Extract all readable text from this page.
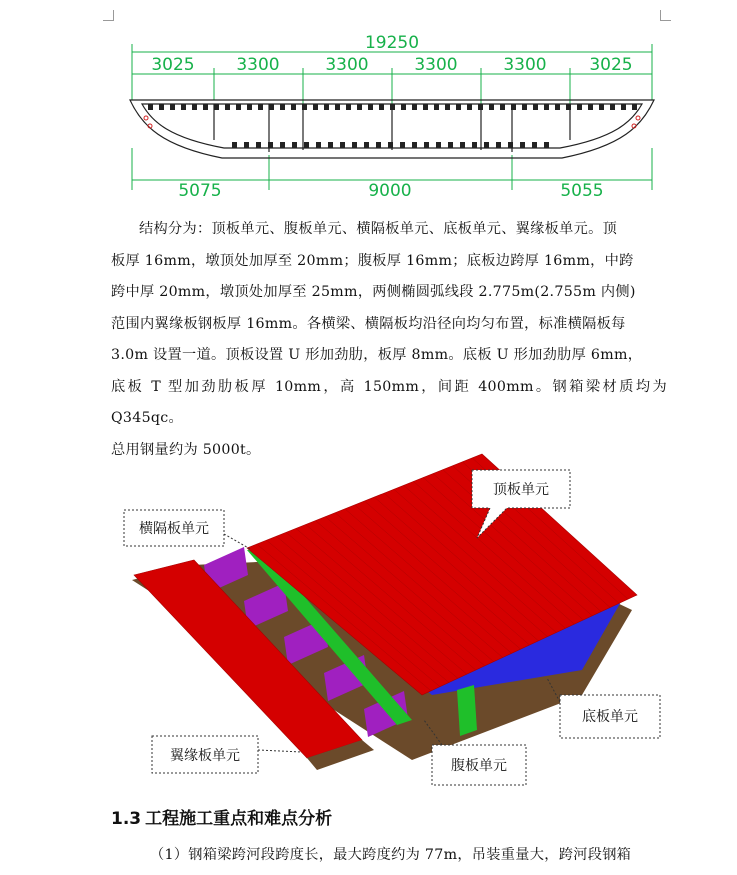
19250
3025 3300	3300	3300	3300	3025
5075	9000	5055
结构分为：顶板单元、腹板单元、横隔板单元、底板单元、翼缘板单元。顶
板厚 16mm，墩顶处加厚至 20mm；腹板厚 16mm；底板边跨厚 16mm，中跨
跨中厚 20mm，墩顶处加厚至 25mm，两侧椭圆弧线段 2.775m(2.755m 内侧)
范围内翼缘板钢板厚 16mm。各横梁、横隔板均沿径向均匀布置，标准横隔板每
3.0m 设置一道。顶板设置 U 形加劲肋，板厚 8mm。底板 U 形加劲肋厚 6mm，
底板 T 型加劲肋板厚 10mm，高 150mm，间距 400mm。钢箱梁材质均为 Q345qc。
总用钢量约为 5000t。
顶板单元
横隔板单元
底板单元
翼缘板单元
腹板单元
1.3 工程施工重点和难点分析
（1）钢箱梁跨河段跨度长，最大跨度约为 77m，吊装重量大，跨河段钢箱
